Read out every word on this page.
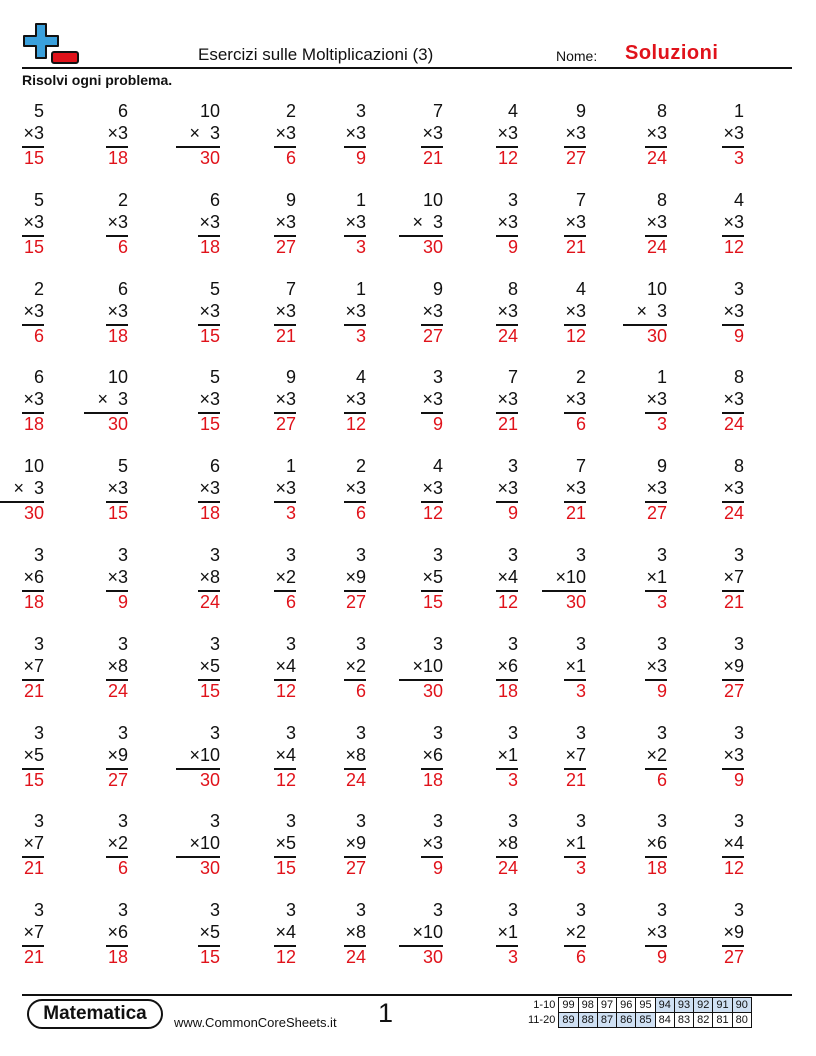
Esercizi sulle Moltiplicazioni (3)	Nome: Soluzioni
Risolvi ogni problema.
5
×3
15
6
×3
18
10
×  3
30
2
×3
6
3
×3
9
7
×3
21
4
×3
12
9
×3
27
8
×3
24
1
×3
3
5
×3
15
2
×3
6
6
×3
18
9
×3
27
1
×3
3
10
×  3
30
3
×3
9
7
×3
21
8
×3
24
4
×3
12
2
×3
6
6
×3
18
5
×3
15
7
×3
21
1
×3
3
9
×3
27
8
×3
24
4
×3
12
10
×  3
30
3
×3
9
6
×3
18
10
×  3
30
5
×3
15
9
×3
27
4
×3
12
3
×3
9
7
×3
21
2
×3
6
1
×3
3
8
×3
24
10
×  3
30
5
×3
15
6
×3
18
1
×3
3
2
×3
6
4
×3
12
3
×3
9
7
×3
21
9
×3
27
8
×3
24
3
×6
18
3
×3
9
3
×8
24
3
×2
6
3
×9
27
3
×5
15
3
×4
12
3
×10
30
3
×1
3
3
×7
21
3
×7
21
3
×8
24
3
×5
15
3
×4
12
3
×2
6
3
×10
30
3
×6
18
3
×1
3
3
×3
9
3
×9
27
3
×5
15
3
×9
27
3
×10
30
3
×4
12
3
×8
24
3
×6
18
3
×1
3
3
×7
21
3
×2
6
3
×3
9
3
×7
21
3
×2
6
3
×10
30
3
×5
15
3
×9
27
3
×3
9
3
×8
24
3
×1
3
3
×6
18
3
×4
12
3
×7
21
3
×6
18
3
×5
15
3
×4
12
3
×8
24
3
×10
30
3
×1
3
3
×2
6
3
×3
9
3
×9
27
Matematica	www.CommonCoreSheets.it 1	1-10	99	98	97	96	95	94	93	92	91	90
11-20	89	88	87	86	85	84	83	82	81	80
